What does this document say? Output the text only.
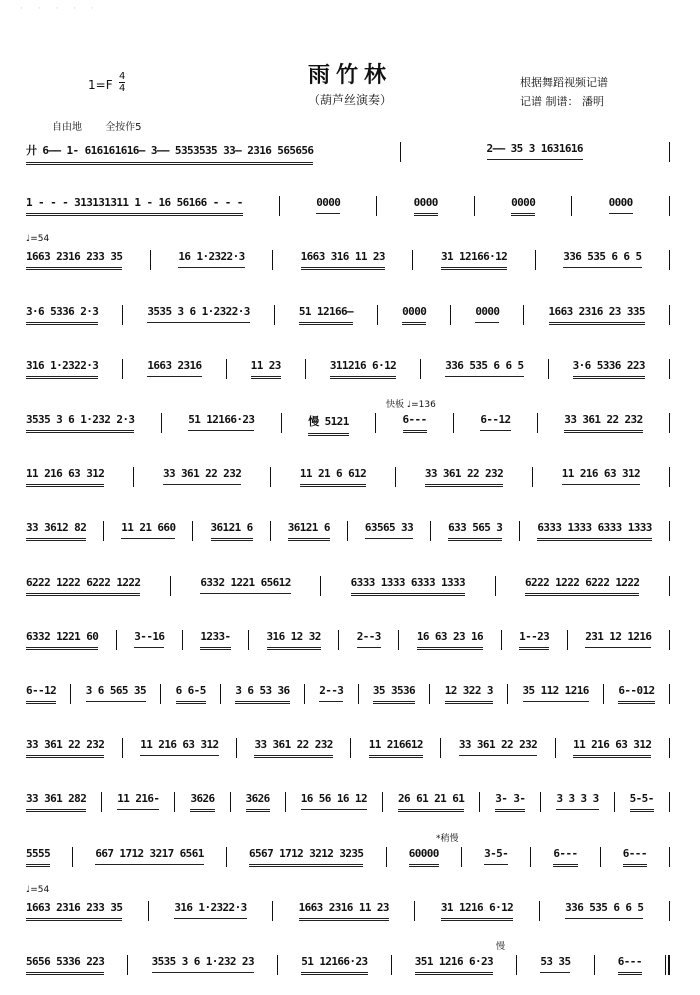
· · · · ·
雨竹林
（葫芦丝演奏）
1=F
4
4	根据舞蹈视频记谱
记谱 制谱： 潘明
自由地 全按作5
廾 6—— 1- 616161616— 3—— 5353535 33— 2316 565656	2—— 35 3 1631616
1 - - - 313131311 1 - 16 56166 - - -	0000	0000	0000	0000
♩=54
1663 2316 233 35	16 1·2322·3	1663 316 11 23	31 12166·12	336 535 6 6 5
3·6 5336 2·3	3535 3 6 1·2322·3	51 12166–	0000	0000	1663 2316 23 335
316 1·2322·3	1663 2316	11 23	311216 6·12	336 535 6 6 5	3·6 5336 223
快板 ♩=136
3535 3 6 1·232 2·3	51 12166·23	慢 5121	6---	6--12	33 361 22 232
11 216 63 312	33 361 22 232	11 21 6 612	33 361 22 232	11 216 63 312
33 3612 82	11 21 660	36121 6	36121 6	63565 33	633 565 3	6333 1333 6333 1333
6222 1222 6222 1222	6332 1221 65612	6333 1333 6333 1333	6222 1222 6222 1222
6332 1221 60	3--16	1233-	316 12 32	2--3	16 63 23 16	1--23	231 12 1216
6--12	3 6 565 35	6 6-5	3 6 53 36	2--3	35 3536	12 322 3	35 112 1216	6--012
33 361 22 232	11 216 63 312	33 361 22 232	11 216612	33 361 22 232	11 216 63 312
33 361 282	11 216-	3626	3626	16 56 16 12	26 61 21 61	3- 3-	3 3 3 3	5-5-
*稍慢
5555	667 1712 3217 6561	6567 1712 3212 3235	60000	3-5-	6---	6---
♩=54
1663 2316 233 35	316 1·2322·3	1663 2316 11 23	31 1216 6·12	336 535 6 6 5
慢
5656 5336 223	3535 3 6 1·232 23	51 12166·23	351 1216 6·23	53 35	6---
